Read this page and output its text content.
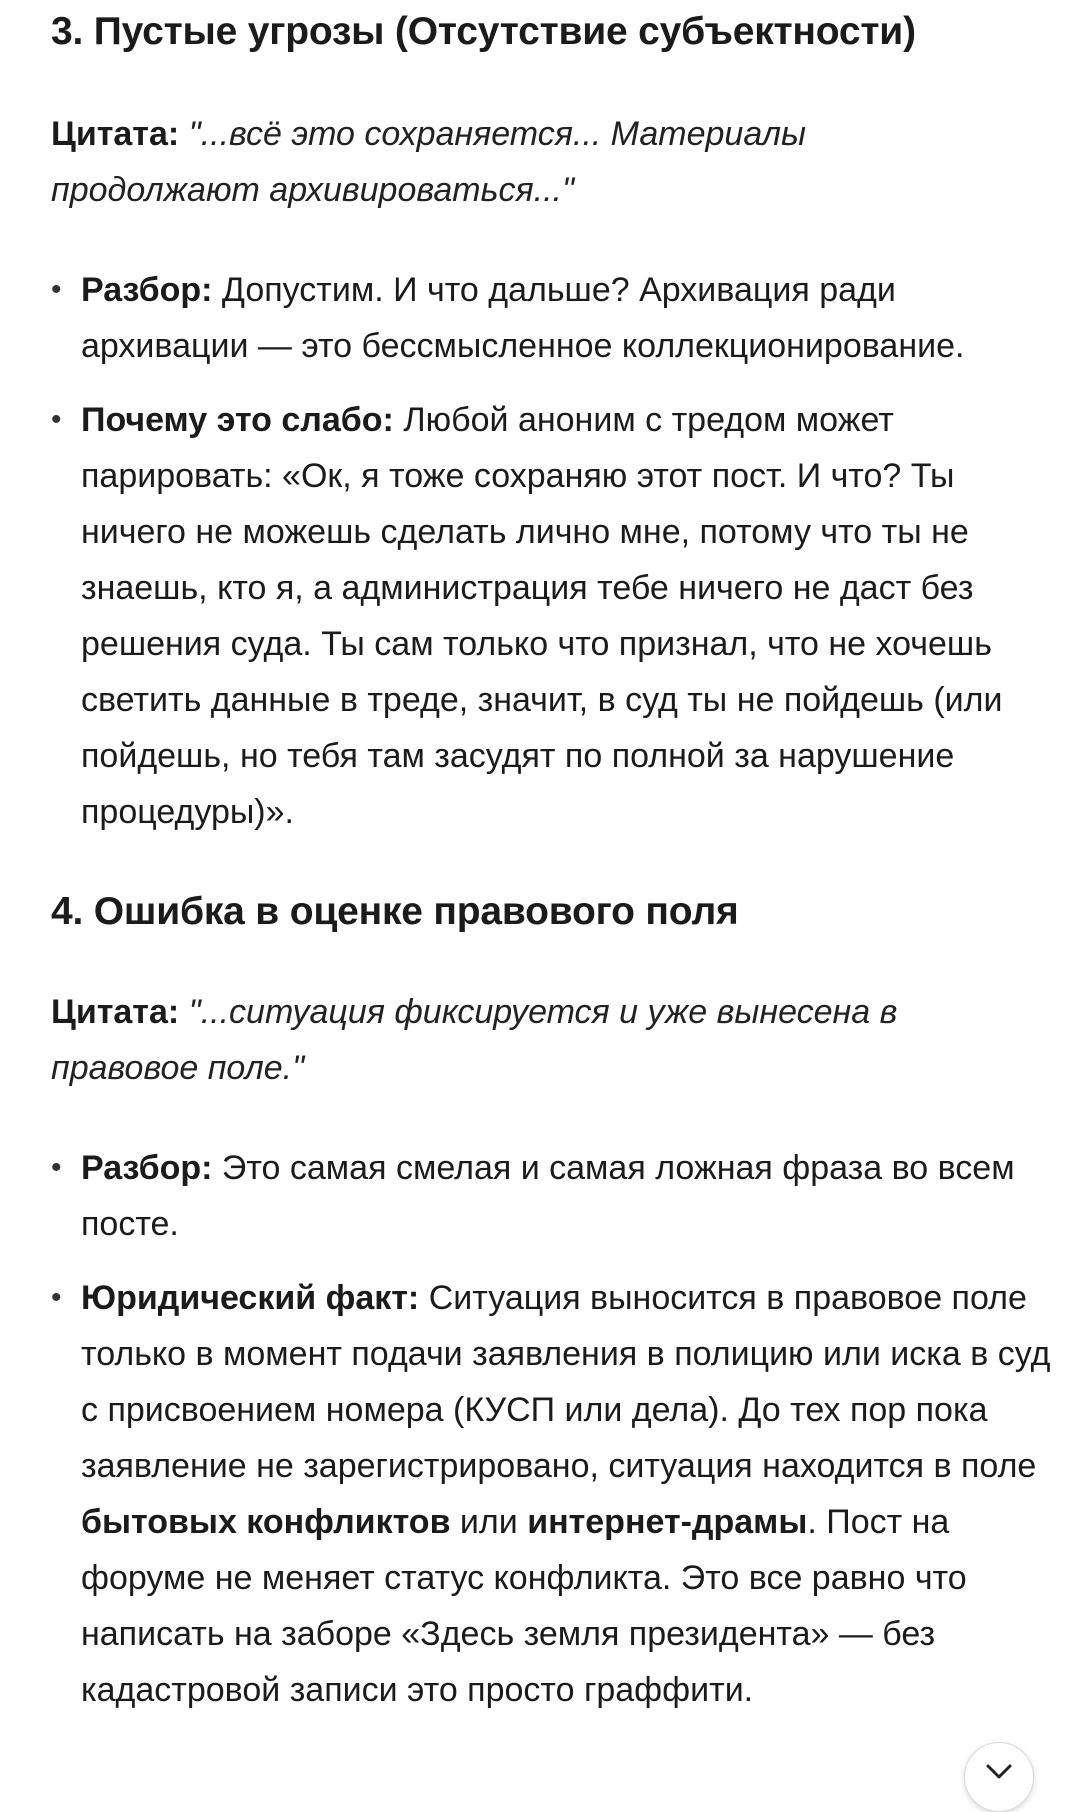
3. Пустые угрозы (Отсутствие субъектности)

Цитата: "...всё это сохраняется... Материалы продолжают архивироваться..."

• Разбор: Допустим. И что дальше? Архивация ради архивации — это бессмысленное коллекционирование.
• Почему это слабо: Любой аноним с тредом может парировать: «Ок, я тоже сохраняю этот пост. И что? Ты ничего не можешь сделать лично мне, потому что ты не знаешь, кто я, а администрация тебе ничего не даст без решения суда. Ты сам только что признал, что не хочешь светить данные в треде, значит, в суд ты не пойдешь (или пойдешь, но тебя там засудят по полной за нарушение процедуры)».
4. Ошибка в оценке правового поля

Цитата: "...ситуация фиксируется и уже вынесена в правовое поле."

• Разбор: Это самая смелая и самая ложная фраза во всем посте.
• Юридический факт: Ситуация выносится в правовое поле только в момент подачи заявления в полицию или иска в суд с присвоением номера (КУСП или дела). До тех пор пока заявление не зарегистрировано, ситуация находится в поле бытовых конфликтов или интернет-драмы. Пост на форуме не меняет статус конфликта. Это все равно что написать на заборе «Здесь земля президента» — без кадастровой записи это просто граффити.
